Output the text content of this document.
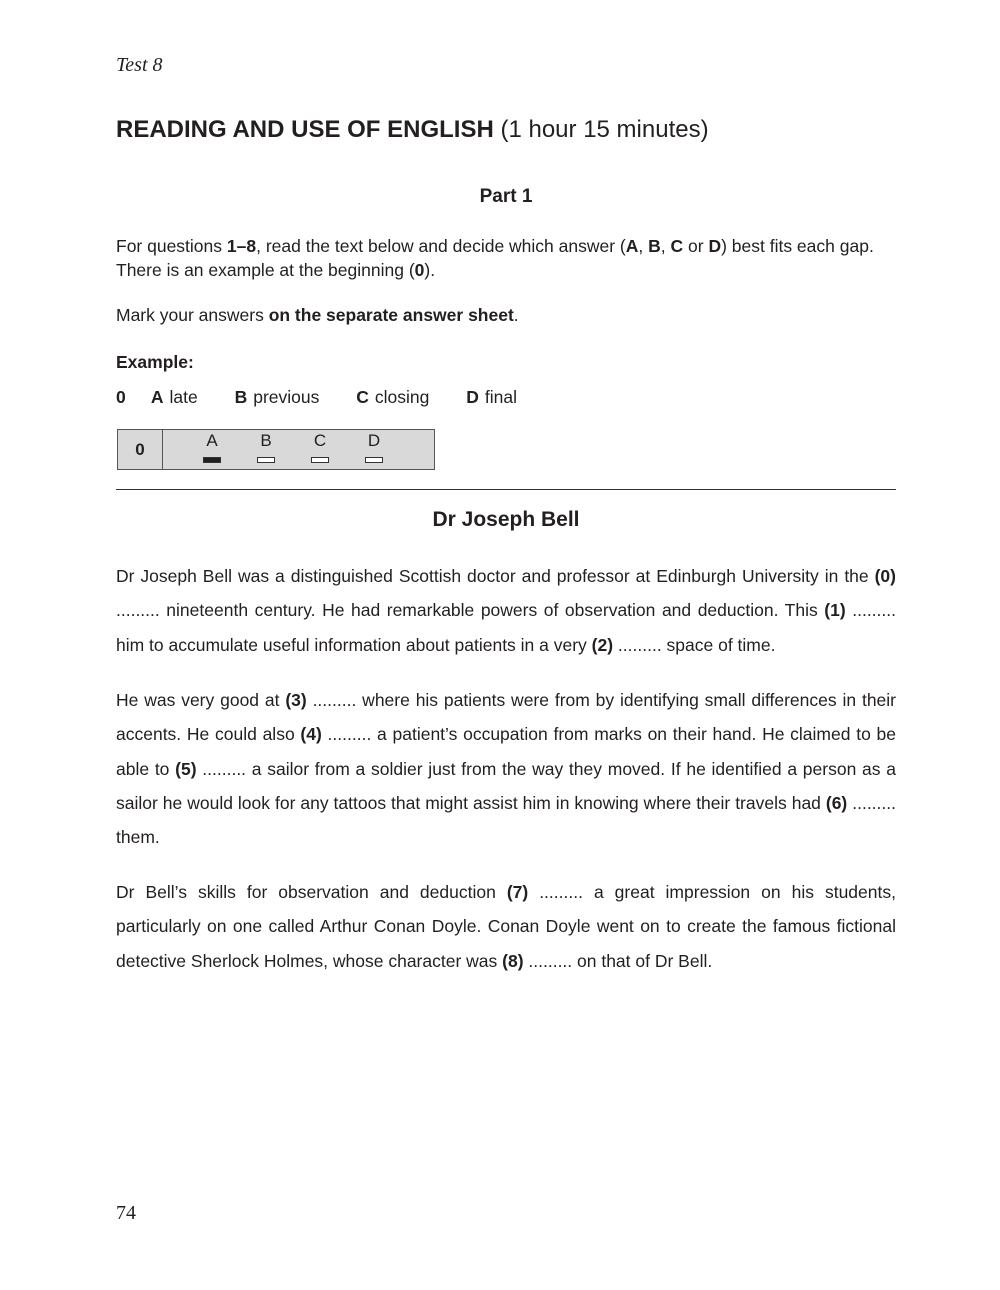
Test 8
READING AND USE OF ENGLISH (1 hour 15 minutes)
Part 1

For questions 1–8, read the text below and decide which answer (A, B, C or D) best fits each gap.

There is an example at the beginning (0).

Mark your answers on the separate answer sheet.
Example:
0 A late B previous C closing D final
0	A	B	C	D
Dr Joseph Bell

Dr Joseph Bell was a distinguished Scottish doctor and professor at Edinburgh University in the (0) ......... nineteenth century. He had remarkable powers of observation and deduction. This (1) ......... him to accumulate useful information about patients in a very (2) ......... space of time.

He was very good at (3) ......... where his patients were from by identifying small differences in their accents. He could also (4) ......... a patient’s occupation from marks on their hand. He claimed to be able to (5) ......... a sailor from a soldier just from the way they moved. If he identified a person as a sailor he would look for any tattoos that might assist him in knowing where their travels had (6) ......... them.

Dr Bell’s skills for observation and deduction (7) ......... a great impression on his students, particularly on one called Arthur Conan Doyle. Conan Doyle went on to create the famous fictional detective Sherlock Holmes, whose character was (8) ......... on that of Dr Bell.

74
